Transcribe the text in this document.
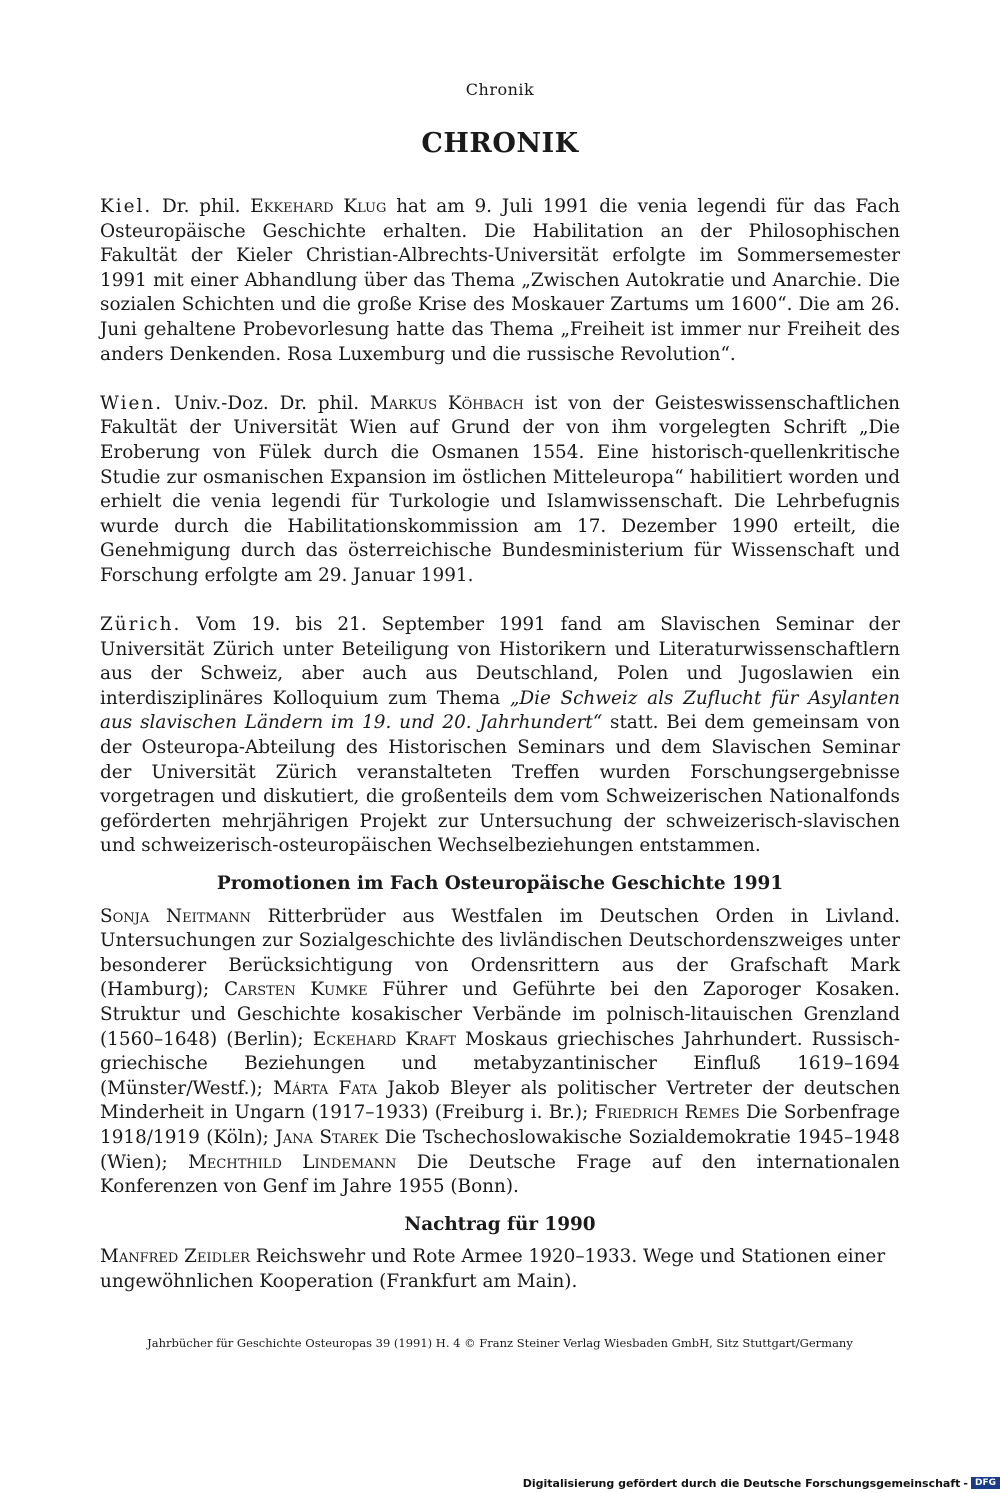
Chronik
CHRONIK

Kiel. Dr. phil. Ekkehard Klug hat am 9. Juli 1991 die venia legendi für das Fach Osteuropäische Geschichte erhalten. Die Habilitation an der Philosophischen Fakultät der Kieler Christian-Albrechts-Universität erfolgte im Sommersemester 1991 mit einer Abhandlung über das Thema „Zwischen Autokratie und Anarchie. Die sozialen Schichten und die große Krise des Moskauer Zartums um 1600“. Die am 26. Juni gehaltene Probevorlesung hatte das Thema „Freiheit ist immer nur Freiheit des anders Denkenden. Rosa Luxemburg und die russische Revolution“.

Wien. Univ.-Doz. Dr. phil. Markus Köhbach ist von der Geisteswissenschaftlichen Fakultät der Universität Wien auf Grund der von ihm vorgelegten Schrift „Die Eroberung von Fülek durch die Osmanen 1554. Eine historisch-quellenkritische Studie zur osmanischen Expansion im östlichen Mitteleuropa“ habilitiert worden und erhielt die venia legendi für Turkologie und Islamwissenschaft. Die Lehrbefugnis wurde durch die Habilitationskommission am 17. Dezember 1990 erteilt, die Genehmigung durch das österreichische Bundesministerium für Wissenschaft und Forschung erfolgte am 29. Januar 1991.

Zürich. Vom 19. bis 21. September 1991 fand am Slavischen Seminar der Universität Zürich unter Beteiligung von Historikern und Literaturwissenschaftlern aus der Schweiz, aber auch aus Deutschland, Polen und Jugoslawien ein interdisziplinäres Kolloquium zum Thema „Die Schweiz als Zuflucht für Asylanten aus slavischen Ländern im 19. und 20. Jahrhundert“ statt. Bei dem gemeinsam von der Osteuropa-Abteilung des Historischen Seminars und dem Slavischen Seminar der Universität Zürich veranstalteten Treffen wurden Forschungsergebnisse vorgetragen und diskutiert, die großenteils dem vom Schweizerischen Nationalfonds geförderten mehrjährigen Projekt zur Untersuchung der schweizerisch-slavischen und schweizerisch-osteuropäischen Wechselbeziehungen entstammen.

Promotionen im Fach Osteuropäische Geschichte 1991

Sonja Neitmann Ritterbrüder aus Westfalen im Deutschen Orden in Livland. Untersuchungen zur Sozialgeschichte des livländischen Deutschordenszweiges unter besonderer Berücksichtigung von Ordensrittern aus der Grafschaft Mark (Hamburg); Carsten Kumke Führer und Geführte bei den Zaporoger Kosaken. Struktur und Geschichte kosakischer Verbände im polnisch-litauischen Grenzland (1560–1648) (Berlin); Eckehard Kraft Moskaus griechisches Jahrhundert. Russisch-griechische Beziehungen und metabyzantinischer Einfluß 1619–1694 (Münster/Westf.); Márta Fata Jakob Bleyer als politischer Vertreter der deutschen Minderheit in Ungarn (1917–1933) (Freiburg i. Br.); Friedrich Remes Die Sorbenfrage 1918/1919 (Köln); Jana Starek Die Tschechoslowakische Sozialdemokratie 1945–1948 (Wien); Mechthild Lindemann Die Deutsche Frage auf den internationalen Konferenzen von Genf im Jahre 1955 (Bonn).

Nachtrag für 1990

Manfred Zeidler Reichswehr und Rote Armee 1920–1933. Wege und Stationen einer ungewöhnlichen Kooperation (Frankfurt am Main).

Jahrbücher für Geschichte Osteuropas 39 (1991) H. 4 © Franz Steiner Verlag Wiesbaden GmbH, Sitz Stuttgart/Germany
Digitalisierung gefördert durch die Deutsche Forschungsgemeinschaft - DFG
